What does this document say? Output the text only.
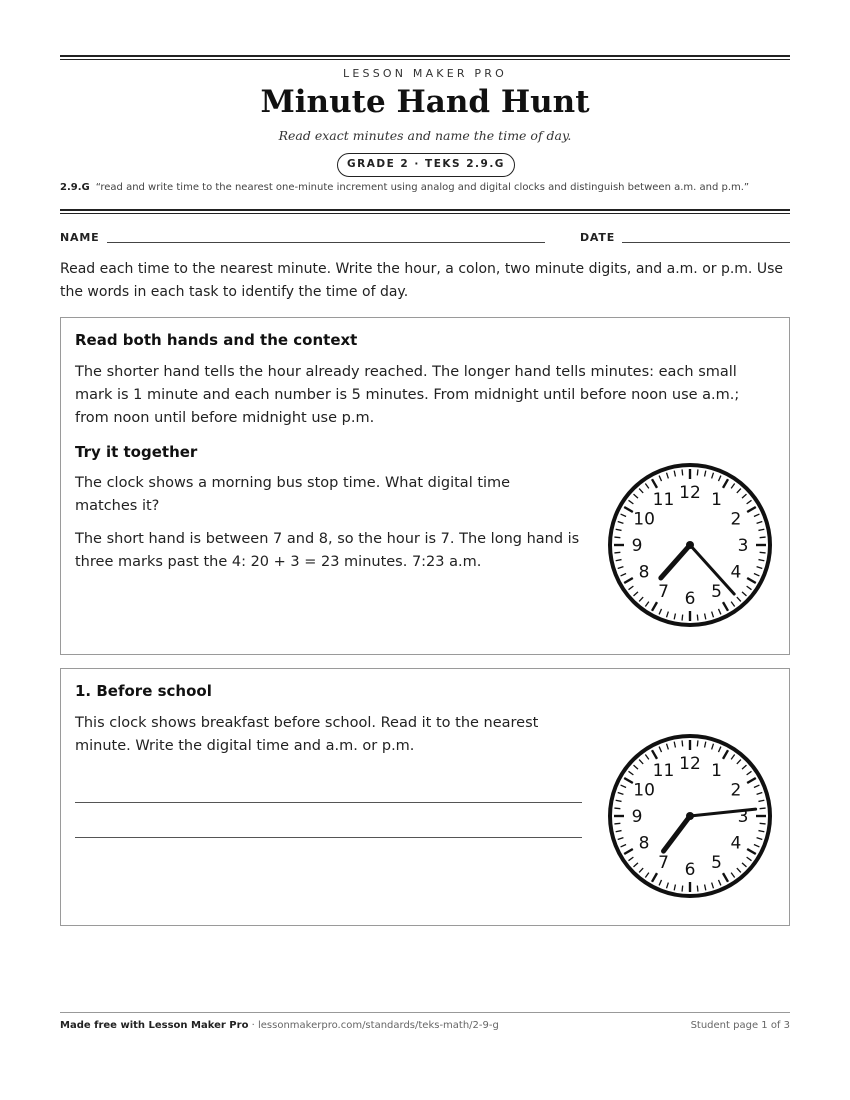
LESSON MAKER PRO
Minute Hand Hunt
Read exact minutes and name the time of day.
GRADE 2 · TEKS 2.9.G
2.9.G “read and write time to the nearest one-minute increment using analog and digital clocks and distinguish between a.m. and p.m.”
NAME	DATE
Read each time to the nearest minute. Write the hour, a colon, two minute digits, and a.m. or p.m. Use the words in each task to identify the time of day.
Read both hands and the context
The shorter hand tells the hour already reached. The longer hand tells minutes: each small mark is 1 minute and each number is 5 minutes. From midnight until before noon use a.m.; from noon until before midnight use p.m.
Try it together
The clock shows a morning bus stop time. What digital time matches it?
The short hand is between 7 and 8, so the hour is 7. The long hand is three marks past the 4: 20 + 3 = 23 minutes. 7:23 a.m.
12 1
2
3
4
5
6
7
8
9
10
11
1. Before school
This clock shows breakfast before school. Read it to the nearest minute. Write the digital time and a.m. or p.m.
12 1
2
3
4
5
6
7
8
9
10
11
Made free with Lesson Maker Pro · lessonmakerpro.com/standards/teks-math/2-9-g	Student page 1 of 3
